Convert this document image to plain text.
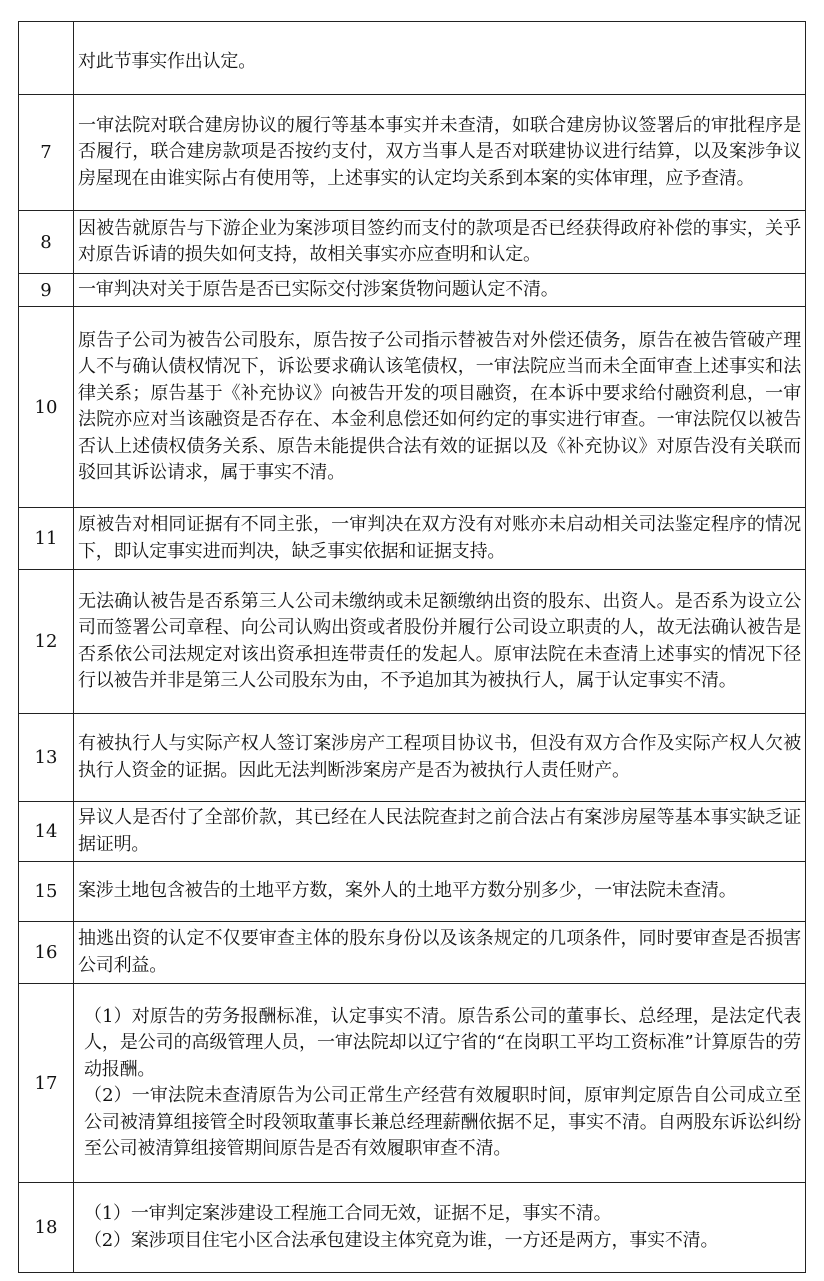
	对此节事实作出认定。

7	一审法院对联合建房协议的履行等基本事实并未查清，如联合建房协议签署后的审批程序是否履行，联合建房款项是否按约支付，双方当事人是否对联建协议进行结算，以及案涉争议房屋现在由谁实际占有使用等，上述事实的认定均关系到本案的实体审理，应予查清。

8	因被告就原告与下游企业为案涉项目签约而支付的款项是否已经获得政府补偿的事实，关乎对原告诉请的损失如何支持，故相关事实亦应查明和认定。

9	一审判决对关于原告是否已实际交付涉案货物问题认定不清。

10	原告子公司为被告公司股东，原告按子公司指示替被告对外偿还债务，原告在被告管破产理人不与确认债权情况下，诉讼要求确认该笔债权，一审法院应当而未全面审查上述事实和法律关系；原告基于《补充协议》向被告开发的项目融资，在本诉中要求给付融资利息，一审法院亦应对当该融资是否存在、本金利息偿还如何约定的事实进行审查。一审法院仅以被告否认上述债权债务关系、原告未能提供合法有效的证据以及《补充协议》对原告没有关联而驳回其诉讼请求，属于事实不清。

11	原被告对相同证据有不同主张，一审判决在双方没有对账亦未启动相关司法鉴定程序的情况下，即认定事实进而判决，缺乏事实依据和证据支持。

12	无法确认被告是否系第三人公司未缴纳或未足额缴纳出资的股东、出资人。是否系为设立公司而签署公司章程、向公司认购出资或者股份并履行公司设立职责的人，故无法确认被告是否系依公司法规定对该出资承担连带责任的发起人。原审法院在未查清上述事实的情况下径行以被告并非是第三人公司股东为由，不予追加其为被执行人，属于认定事实不清。

13	有被执行人与实际产权人签订案涉房产工程项目协议书，但没有双方合作及实际产权人欠被执行人资金的证据。因此无法判断涉案房产是否为被执行人责任财产。

14	异议人是否付了全部价款，其已经在人民法院查封之前合法占有案涉房屋等基本事实缺乏证据证明。

15	案涉土地包含被告的土地平方数，案外人的土地平方数分别多少，一审法院未查清。

16	抽逃出资的认定不仅要审查主体的股东身份以及该条规定的几项条件，同时要审查是否损害公司利益。

17	（1）对原告的劳务报酬标准，认定事实不清。原告系公司的董事长、总经理，是法定代表人，是公司的高级管理人员，一审法院却以辽宁省的“在岗职工平均工资标准”计算原告的劳动报酬。
（2）一审法院未查清原告为公司正常生产经营有效履职时间，原审判定原告自公司成立至公司被清算组接管全时段领取董事长兼总经理薪酬依据不足，事实不清。自两股东诉讼纠纷至公司被清算组接管期间原告是否有效履职审查不清。

18	（1）一审判定案涉建设工程施工合同无效，证据不足，事实不清。
（2）案涉项目住宅小区合法承包建设主体究竟为谁，一方还是两方，事实不清。
